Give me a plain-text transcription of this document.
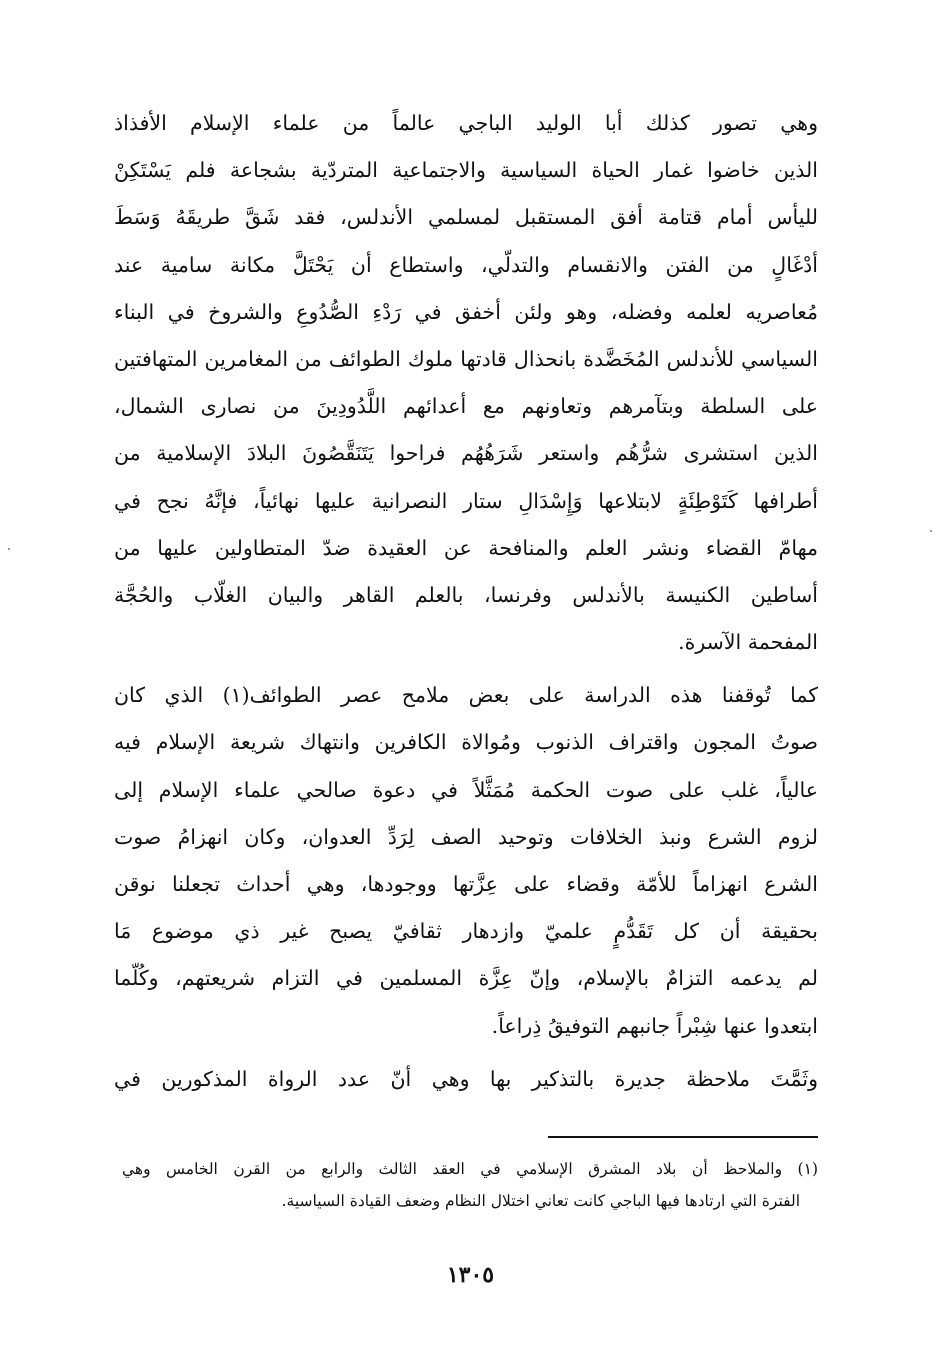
وهي تصور كذلك أبا الوليد الباجي عالماً من علماء الإسلام الأفذاذ
الذين خاضوا غمار الحياة السياسية والاجتماعية المتردّية بشجاعة فلم يَسْتَكِنْ
لليأس أمام قتامة أفق المستقبل لمسلمي الأندلس، فقد شَقَّ طريقَهُ وَسَطَ
أدْغَالٍ من الفتن والانقسام والتدلّي، واستطاع أن يَحْتَلَّ مكانة سامية عند
مُعاصريه لعلمه وفضله، وهو ولئن أخفق في رَدْءِ الصُّدُوعِ والشروخ في البناء
السياسي للأندلس المُخَضَّدة بانحذال قادتها ملوك الطوائف من المغامرين المتهافتين
على السلطة وبتآمرهم وتعاونهم مع أعدائهم اللَّدُودِينَ من نصارى الشمال،
الذين استشرى شرُّهُم واستعر شَرَهُهُم فراحوا يَتَنَقَّصُونَ البلادَ الإسلامية من
أطرافها كَتَوْطِئَةٍ لابتلاعها وَإِسْدَالِ ستار النصرانية عليها نهائياً، فإنَّهُ نجح في
مهامّ القضاء ونشر العلم والمنافحة عن العقيدة ضدّ المتطاولين عليها من
أساطين الكنيسة بالأندلس وفرنسا، بالعلم القاهر والبيان الغلّاب والحُجَّة
المفحمة الآسرة.
كما تُوقفنا هذه الدراسة على بعض ملامح عصر الطوائف(١) الذي كان
صوتُ المجون واقتراف الذنوب ومُوالاة الكافرين وانتهاك شريعة الإسلام فيه
عالياً، غلب على صوت الحكمة مُمَثَّلاً في دعوة صالحي علماء الإسلام إلى
لزوم الشرع ونبذ الخلافات وتوحيد الصف لِرَدِّ العدوان، وكان انهزامُ صوت
الشرع انهزاماً للأمّة وقضاء على عِزَّتها ووجودها، وهي أحداث تجعلنا نوقن
بحقيقة أن كل تَقَدُّمٍ علميّ وازدهار ثقافيّ يصبح غير ذي موضوع مَا
لم يدعمه التزامٌ بالإسلام، وإنّ عِزَّة المسلمين في التزام شريعتهم، وكُلّما
ابتعدوا عنها شِبْراً جانبهم التوفيقُ ذِراعاً.
وثَمَّتَ ملاحظة جديرة بالتذكير بها وهي أنّ عدد الرواة المذكورين في
(١) والملاحظ أن بلاد المشرق الإسلامي في العقد الثالث والرابع من القرن الخامس وهي
الفترة التي ارتادها فيها الباجي كانت تعاني اختلال النظام وضعف القيادة السياسية.
١٣٠٥
